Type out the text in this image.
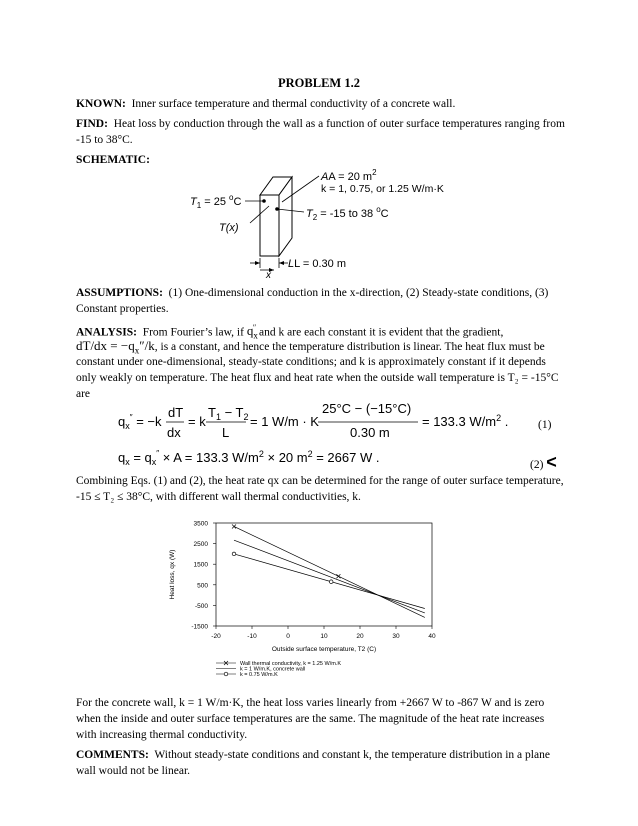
PROBLEM 1.2
KNOWN: Inner surface temperature and thermal conductivity of a concrete wall.
FIND: Heat loss by conduction through the wall as a function of outer surface temperatures ranging from -15 to 38°C.
SCHEMATIC:
x
AA = 20 $m^2$
k = 1, 0.75, or 1.25 W/m·K
$T_1 = 25$ $^o$C
$T_2 = -15$ to 38 $^o$C
T(x)
LL = 0.30 m
ASSUMPTIONS: (1) One-dimensional conduction in the x-direction, (2) Steady-state conditions, (3) Constant properties.
ANALYSIS: From Fourier’s law, if $q_x''$ and k are each constant it is evident that the gradient,
$dT/dx = -q_x''/k$, is a constant, and hence the temperature distribution is linear. The heat flux must be
constant under one-dimensional, steady-state conditions; and k is approximately constant if it depends only weakly on temperature. The heat flux and heat rate when the outside wall temperature is T₂ = -15°C are
$q_x'' = -k$
dT
dx
= k
$T_1 - T_2$
L
= 1 W/m · K
25°C − (−15°C)
0.30 m
= 133.3 $W/m^2$ .	(1)
$q_x = q_x'' \times A = 133.3$ $W/m^2 \times 20$ $m^2 = 2667$ W .	(2) <
Combining Eqs. (1) and (2), the heat rate qx can be determined for the range of outer surface temperature, -15 ≤ T₂ ≤ 38°C, with different wall thermal conductivities, k.
-20	-10	0	10	20	30	40
3500
2500
1500
500
-500
-1500
Outside surface temperature, T2 (C)
Heat loss, qx (W)
Wall thermal conductivity, k = 1.25 W/m.K
k = 1 W/m.K, concrete wall
k = 0.75 W/m.K
For the concrete wall, k = 1 W/m·K, the heat loss varies linearly from +2667 W to -867 W and is zero when the inside and outer surface temperatures are the same. The magnitude of the heat rate increases with increasing thermal conductivity.
COMMENTS: Without steady-state conditions and constant k, the temperature distribution in a plane wall would not be linear.
